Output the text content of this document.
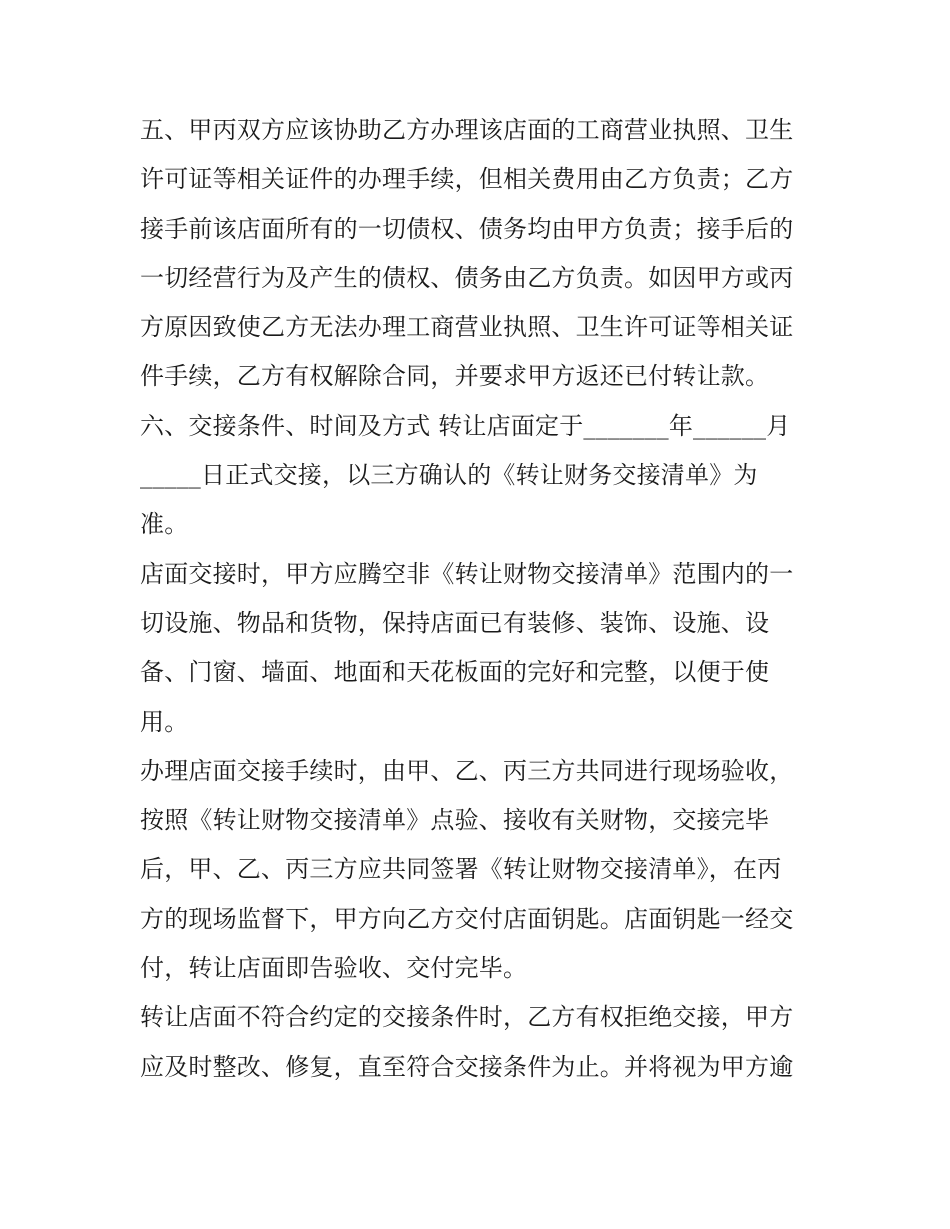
五、甲丙双方应该协助乙方办理该店面的工商营业执照、卫生
许可证等相关证件的办理手续，但相关费用由乙方负责；乙方
接手前该店面所有的一切债权、债务均由甲方负责；接手后的
一切经营行为及产生的债权、债务由乙方负责。如因甲方或丙
方原因致使乙方无法办理工商营业执照、卫生许可证等相关证
件手续，乙方有权解除合同，并要求甲方返还已付转让款。
六、交接条件、时间及方式 转让店面定于_______年______月
_____日正式交接，以三方确认的《转让财务交接清单》为
准。
店面交接时，甲方应腾空非《转让财物交接清单》范围内的一
切设施、物品和货物，保持店面已有装修、装饰、设施、设
备、门窗、墙面、地面和天花板面的完好和完整，以便于使
用。
办理店面交接手续时，由甲、乙、丙三方共同进行现场验收，
按照《转让财物交接清单》点验、接收有关财物，交接完毕
后，甲、乙、丙三方应共同签署《转让财物交接清单》，在丙
方的现场监督下，甲方向乙方交付店面钥匙。店面钥匙一经交
付，转让店面即告验收、交付完毕。
转让店面不符合约定的交接条件时，乙方有权拒绝交接，甲方
应及时整改、修复，直至符合交接条件为止。并将视为甲方逾
